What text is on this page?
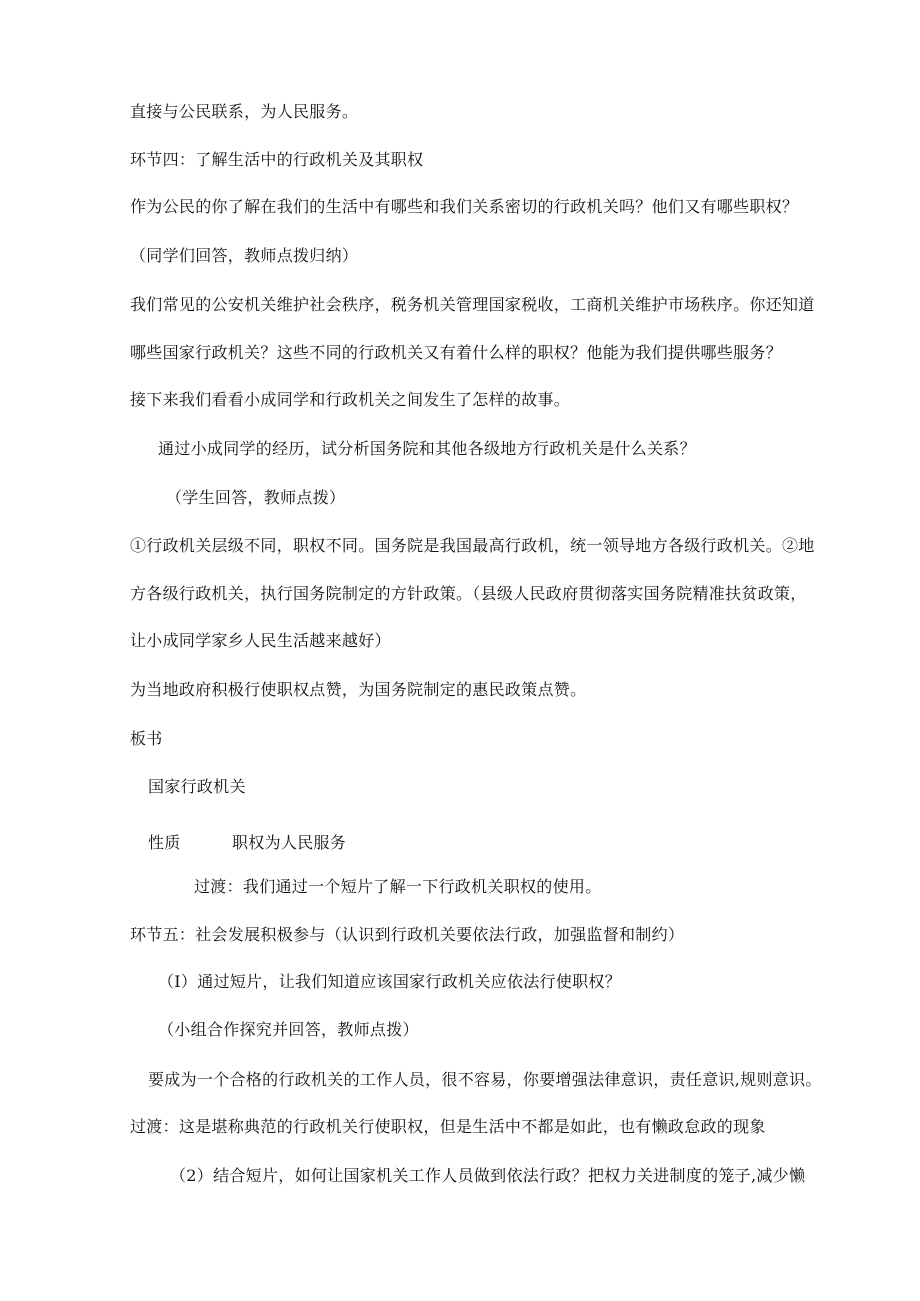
直接与公民联系，为人民服务。
环节四：了解生活中的行政机关及其职权
作为公民的你了解在我们的生活中有哪些和我们关系密切的行政机关吗？他们又有哪些职权？
（同学们回答，教师点拨归纳）
我们常见的公安机关维护社会秩序，税务机关管理国家税收，工商机关维护市场秩序。你还知道
哪些国家行政机关？这些不同的行政机关又有着什么样的职权？他能为我们提供哪些服务？
接下来我们看看小成同学和行政机关之间发生了怎样的故事。
通过小成同学的经历，试分析国务院和其他各级地方行政机关是什么关系？
（学生回答，教师点拨）
①行政机关层级不同，职权不同。国务院是我国最高行政机，统一领导地方各级行政机关。②地
方各级行政机关，执行国务院制定的方针政策。（县级人民政府贯彻落实国务院精准扶贫政策，
让小成同学家乡人民生活越来越好）
为当地政府积极行使职权点赞，为国务院制定的惠民政策点赞。
板书
国家行政机关
性质	职权为人民服务
过渡：我们通过一个短片了解一下行政机关职权的使用。
环节五：社会发展积极参与（认识到行政机关要依法行政，加强监督和制约）
（I）通过短片，让我们知道应该国家行政机关应依法行使职权？
（小组合作探究并回答，教师点拨）
要成为一个合格的行政机关的工作人员，很不容易，你要增强法律意识，责任意识,规则意识。
过渡：这是堪称典范的行政机关行使职权，但是生活中不都是如此，也有懒政怠政的现象
（2）结合短片，如何让国家机关工作人员做到依法行政？把权力关进制度的笼子,减少懒
